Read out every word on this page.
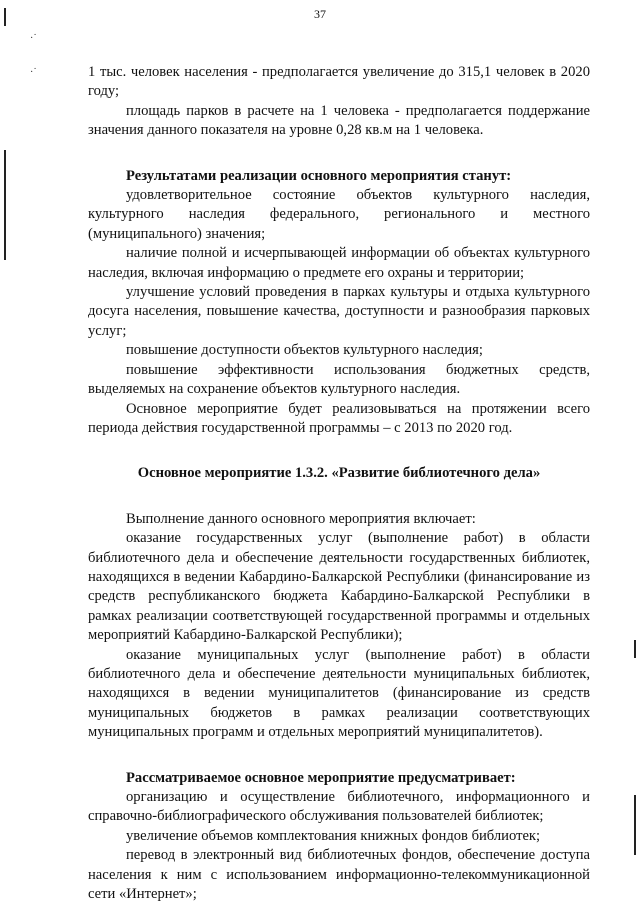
·˙
·˙
37

1 тыс. человек населения - предполагается увеличение до 315,1 человек в 2020 году;

площадь парков в расчете на 1 человека - предполагается поддержание значения данного показателя на уровне 0,28 кв.м на 1 человека.

Результатами реализации основного мероприятия станут:

удовлетворительное состояние объектов культурного наследия, культурного наследия федерального, регионального и местного (муниципального) значения;

наличие полной и исчерпывающей информации об объектах культурного наследия, включая информацию о предмете его охраны и территории;

улучшение условий проведения в парках культуры и отдыха культурного досуга населения, повышение качества, доступности и разнообразия парковых услуг;

повышение доступности объектов культурного наследия;

повышение эффективности использования бюджетных средств, выделяемых на сохранение объектов культурного наследия.

Основное мероприятие будет реализовываться на протяжении всего периода действия государственной программы – с 2013 по 2020 год.

Основное мероприятие 1.3.2. «Развитие библиотечного дела»

Выполнение данного основного мероприятия включает:

оказание государственных услуг (выполнение работ) в области библиотечного дела и обеспечение деятельности государственных библиотек, находящихся в ведении Кабардино-Балкарской Республики (финансирование из средств республиканского бюджета Кабардино-Балкарской Республики в рамках реализации соответствующей государственной программы и отдельных мероприятий Кабардино-Балкарской Республики);

оказание муниципальных услуг (выполнение работ) в области библиотечного дела и обеспечение деятельности муниципальных библиотек, находящихся в ведении муниципалитетов (финансирование из средств муниципальных бюджетов в рамках реализации соответствующих муниципальных программ и отдельных мероприятий муниципалитетов).

Рассматриваемое основное мероприятие предусматривает:

организацию и осуществление библиотечного, информационного и справочно-библиографического обслуживания пользователей библиотек;

увеличение объемов комплектования книжных фондов библиотек;

перевод в электронный вид библиотечных фондов, обеспечение доступа населения к ним с использованием информационно-телекоммуникационной сети «Интернет»;
